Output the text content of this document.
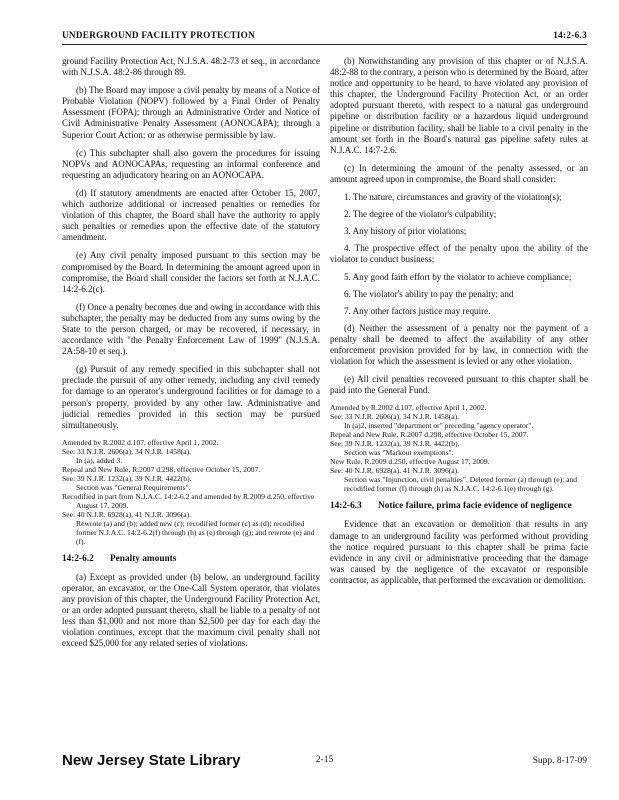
UNDERGROUND FACILITY PROTECTION	14:2-6.3

ground Facility Protection Act, N.J.S.A. 48:2-73 et seq., in accordance with N.J.S.A. 48:2-86 through 89.

(b) The Board may impose a civil penalty by means of a Notice of Probable Violation (NOPV) followed by a Final Order of Penalty Assessment (FOPA); through an Administrative Order and Notice of Civil Administrative Penalty Assessment (AONOCAPA); through a Superior Court Action; or as otherwise permissible by law.

(c) This subchapter shall also govern the procedures for issuing NOPVs and AONOCAPAs, requesting an informal conference and requesting an adjudicatory hearing on an AONOCAPA.

(d) If statutory amendments are enacted after October 15, 2007, which authorize additional or increased penalties or remedies for violation of this chapter, the Board shall have the authority to apply such penalties or remedies upon the effective date of the statutory amendment.

(e) Any civil penalty imposed pursuant to this section may be compromised by the Board. In determining the amount agreed upon in compromise, the Board shall consider the factors set forth at N.J.A.C. 14:2-6.2(c).

(f) Once a penalty becomes due and owing in accordance with this subchapter, the penalty may be deducted from any sums owing by the State to the person charged, or may be recovered, if necessary, in accordance with "the Penalty Enforcement Law of 1999" (N.J.S.A. 2A:58-10 et seq.).

(g) Pursuit of any remedy specified in this subchapter shall not preclude the pursuit of any other remedy, including any civil remedy for damage to an operator's underground facilities or for damage to a person's property, provided by any other law. Administrative and judicial remedies provided in this section may be pursued simultaneously.

Amended by R.2002 d.107, effective April 1, 2002.
See: 33 N.J.R. 2606(a), 34 N.J.R. 1458(a).
In (a), added 3.
Repeal and New Rule, R.2007 d.298, effective October 15, 2007.
See: 39 N.J.R. 1232(a), 39 N.J.R. 4422(b).
Section was "General Requirements".
Recodified in part from N.J.A.C. 14:2-6.2 and amended by R.2009 d.250, effective August 17, 2009.
See: 40 N.J.R. 6928(a), 41 N.J.R. 3096(a).
Rewrote (a) and (b); added new (c); recodified former (c) as (d); recodified former N.J.A.C. 14:2-6.2(f) through (h) as (e) through (g); and rewrote (e) and (f).
14:2-6.2	Penalty amounts

(a) Except as provided under (b) below, an underground facility operator, an excavator, or the One-Call System operator, that violates any provision of this chapter, the Underground Facility Protection Act, or an order adopted pursuant thereto, shall be liable to a penalty of not less than $1,000 and not more than $2,500 per day for each day the violation continues, except that the maximum civil penalty shall not exceed $25,000 for any related series of violations.

(b) Notwithstanding any provision of this chapter or of N.J.S.A. 48:2-88 to the contrary, a person who is determined by the Board, after notice and opportunity to be heard, to have violated any provision of this chapter, the Underground Facility Protection Act, or an order adopted pursuant thereto, with respect to a natural gas underground pipeline or distribution facility or a hazardous liquid underground pipeline or distribution facility, shall be liable to a civil penalty in the amount set forth in the Board's natural gas pipeline safety rules at N.J.A.C. 14:7-2.6.

(c) In determining the amount of the penalty assessed, or an amount agreed upon in compromise, the Board shall consider:

1. The nature, circumstances and gravity of the violation(s);

2. The degree of the violator's culpability;

3. Any history of prior violations;

4. The prospective effect of the penalty upon the ability of the violator to conduct business;

5. Any good faith effort by the violator to achieve compliance;

6. The violator's ability to pay the penalty; and

7. Any other factors justice may require.

(d) Neither the assessment of a penalty nor the payment of a penalty shall be deemed to affect the availability of any other enforcement provision provided for by law, in connection with the violation for which the assessment is levied or any other violation.

(e) All civil penalties recovered pursuant to this chapter shall be paid into the General Fund.

Amended by R.2002 d.107, effective April 1, 2002.
See: 33 N.J.R. 2606(a), 34 N.J.R. 1458(a).
In (a)2, inserted "department or" preceding "agency operator".
Repeal and New Rule, R.2007 d.298, effective October 15, 2007.
See: 39 N.J.R. 1232(a), 39 N.J.R. 4422(b).
Section was "Markout exemptions".
New Rule, R.2009 d.250, effective August 17, 2009.
See: 40 N.J.R. 6928(a), 41 N.J.R. 3096(a).
Section was "Injunction, civil penalties". Deleted former (a) through (e); and recodified former (f) through (h) as N.J.A.C. 14:2-6.1(e) through (g).
14:2-6.3	Notice failure, prima facie evidence of negligence

Evidence that an excavation or demolition that results in any damage to an underground facility was performed without providing the notice required pursuant to this chapter shall be prima facie evidence in any civil or administrative proceeding that the damage was caused by the negligence of the excavator or responsible contractor, as applicable, that performed the excavation or demolition.

New Jersey State Library	2-15	Supp. 8-17-09
